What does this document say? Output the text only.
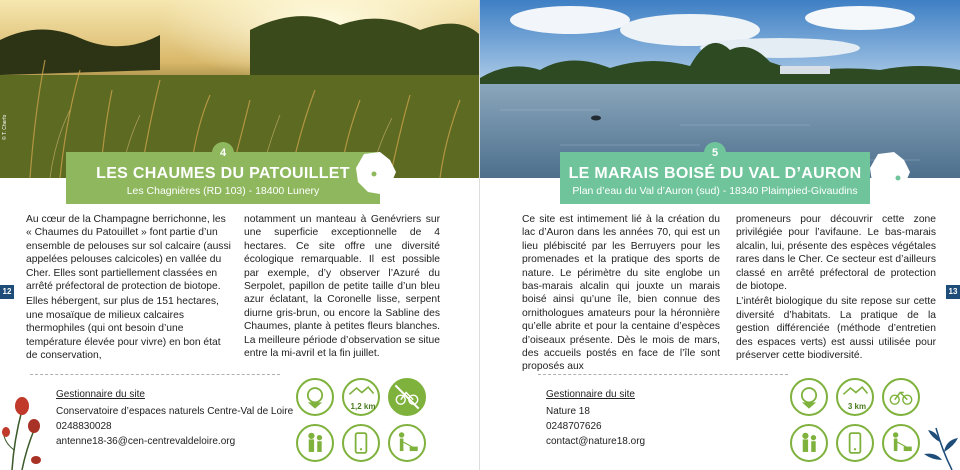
© T. Cherfo
12

Au cœur de la Champagne berrichonne, les « Chaumes du Patouillet » font partie d’un ensemble de pelouses sur sol calcaire (aussi appelées pelouses calcicoles) en vallée du Cher. Elles sont partiellement classées en arrêté préfectoral de protection de biotope.

Elles hébergent, sur plus de 151 hectares, une mosaïque de milieux calcaires thermophiles (qui ont besoin d’une température élevée pour vivre) en bon état de conservation,

notamment un manteau à Genévriers sur une superficie exceptionnelle de 4 hectares. Ce site offre une diversité écologique remarquable. Il est possible par exemple, d’y observer l’Azuré du Serpolet, papillon de petite taille d’un bleu azur éclatant, la Coronelle lisse, serpent diurne gris-brun, ou encore la Sabline des Chaumes, plante à petites fleurs blanches. La meilleure période d’observation se situe entre la mi-avril et la fin juillet.

Gestionnaire du site
Conservatoire d’espaces naturels Centre-Val de Loire
0248830028
antenne18-36@cen-centrevaldeloire.org
1,2 km
4
LES CHAUMES DU PATOUILLET
Les Chagnières (RD 103) - 18400 Lunery
13

Ce site est intimement lié à la création du lac d’Auron dans les années 70, qui est un lieu plébiscité par les Berruyers pour les promenades et la pratique des sports de nature. Le périmètre du site englobe un bas-marais alcalin qui jouxte un marais boisé ainsi qu’une île, bien connue des ornithologues amateurs pour la héronnière qu’elle abrite et pour la centaine d’espèces d’oiseaux présente. Dès le mois de mars, des accueils postés en face de l’île sont proposés aux

promeneurs pour découvrir cette zone privilégiée pour l’avifaune. Le bas-marais alcalin, lui, présente des espèces végétales rares dans le Cher. Ce secteur est d’ailleurs classé en arrêté préfectoral de protection de biotope.

L’intérêt biologique du site repose sur cette diversité d’habitats. La pratique de la gestion différenciée (méthode d’entretien des espaces verts) est aussi utilisée pour préserver cette biodiversité.

Gestionnaire du site
Nature 18
0248707626
contact@nature18.org
3 km
5
LE MARAIS BOISÉ DU VAL D’AURON
Plan d’eau du Val d’Auron (sud) - 18340 Plaimpied-Givaudins
